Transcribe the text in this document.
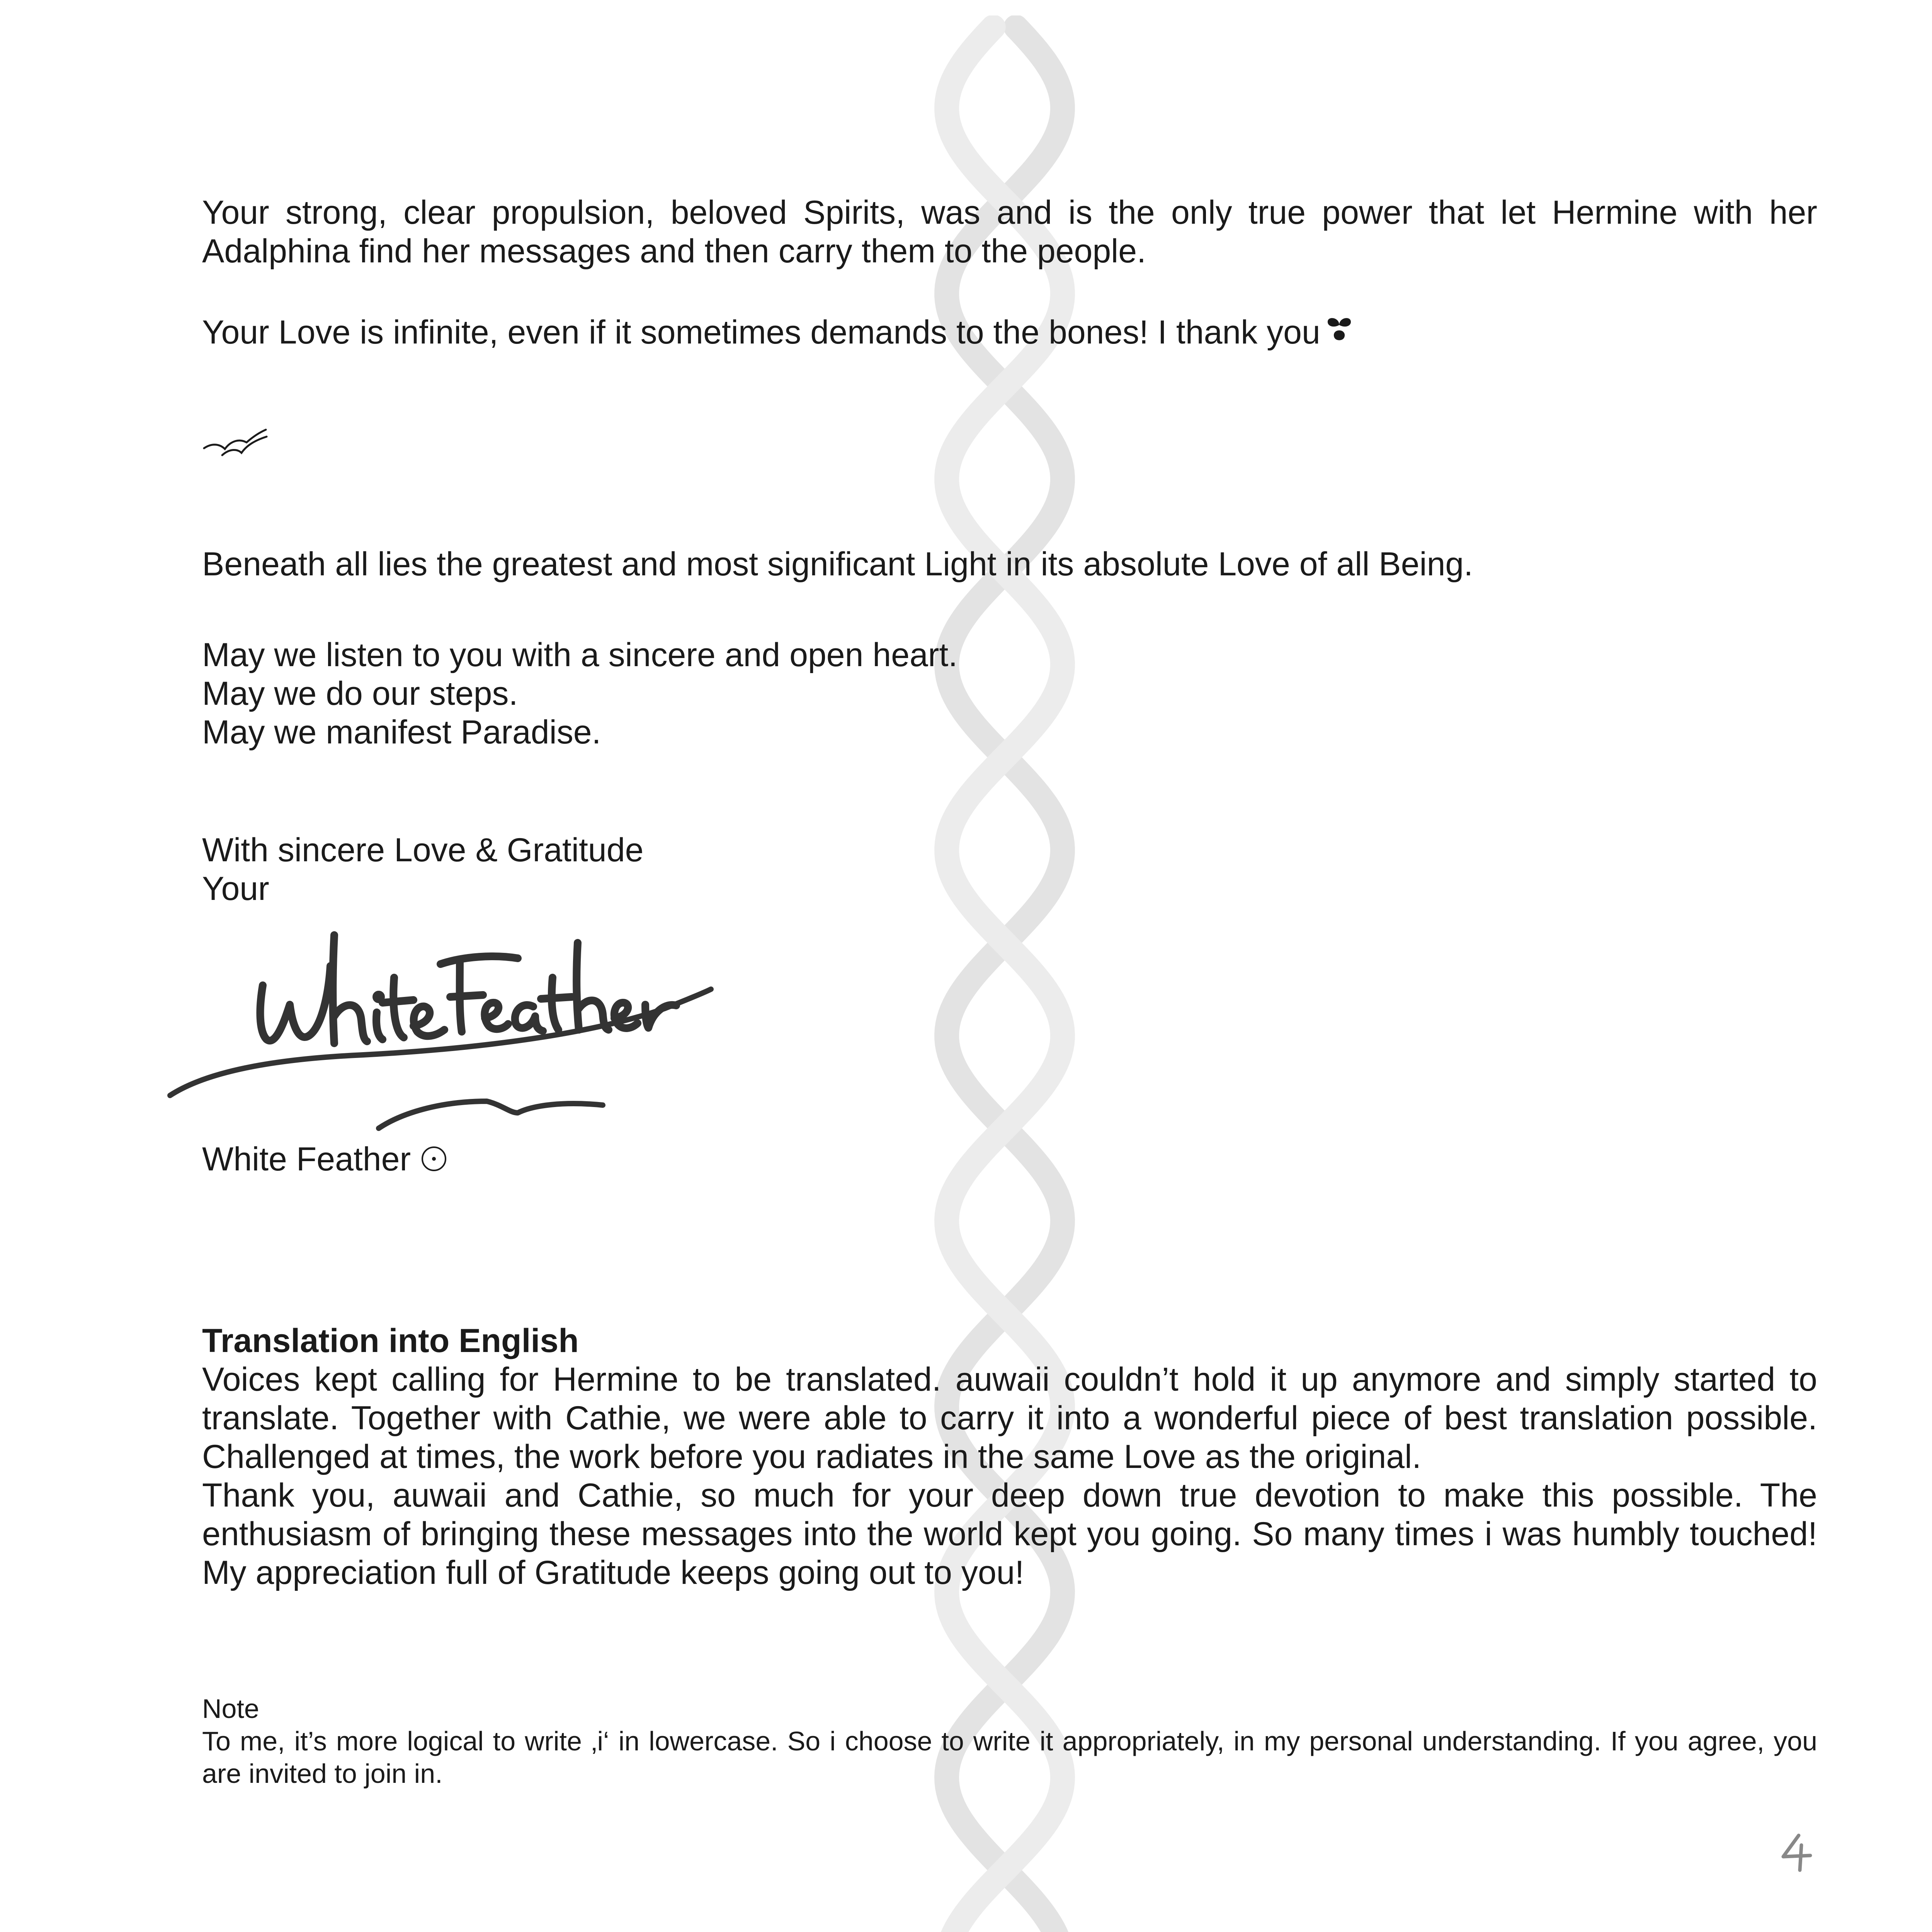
Your strong, clear propulsion, beloved Spirits, was and is the only true power that let Hermine with her Adalphina find her messages and then carry them to the people.

Your Love is infinite, even if it sometimes demands to the bones! I thank you

Beneath all lies the greatest and most significant Light in its absolute Love of all Being.

May we listen to you with a sincere and open heart.

May we do our steps.

May we manifest Paradise.

With sincere Love & Gratitude

Your

White Feather

Translation into English

Voices kept calling for Hermine to be translated. auwaii couldn’t hold it up anymore and simply started to translate. Together with Cathie, we were able to carry it into a wonderful piece of best translation possible. Challenged at times, the work before you radiates in the same Love as the original.

Thank you, auwaii and Cathie, so much for your deep down true devotion to make this possible. The enthusiasm of bringing these messages into the world kept you going. So many times i was humbly touched! My appreciation full of Gratitude keeps going out to you!

Note

To me, it’s more logical to write ‚i‘ in lowercase. So i choose to write it appropriately, in my personal understanding. If you agree, you are invited to join in.
